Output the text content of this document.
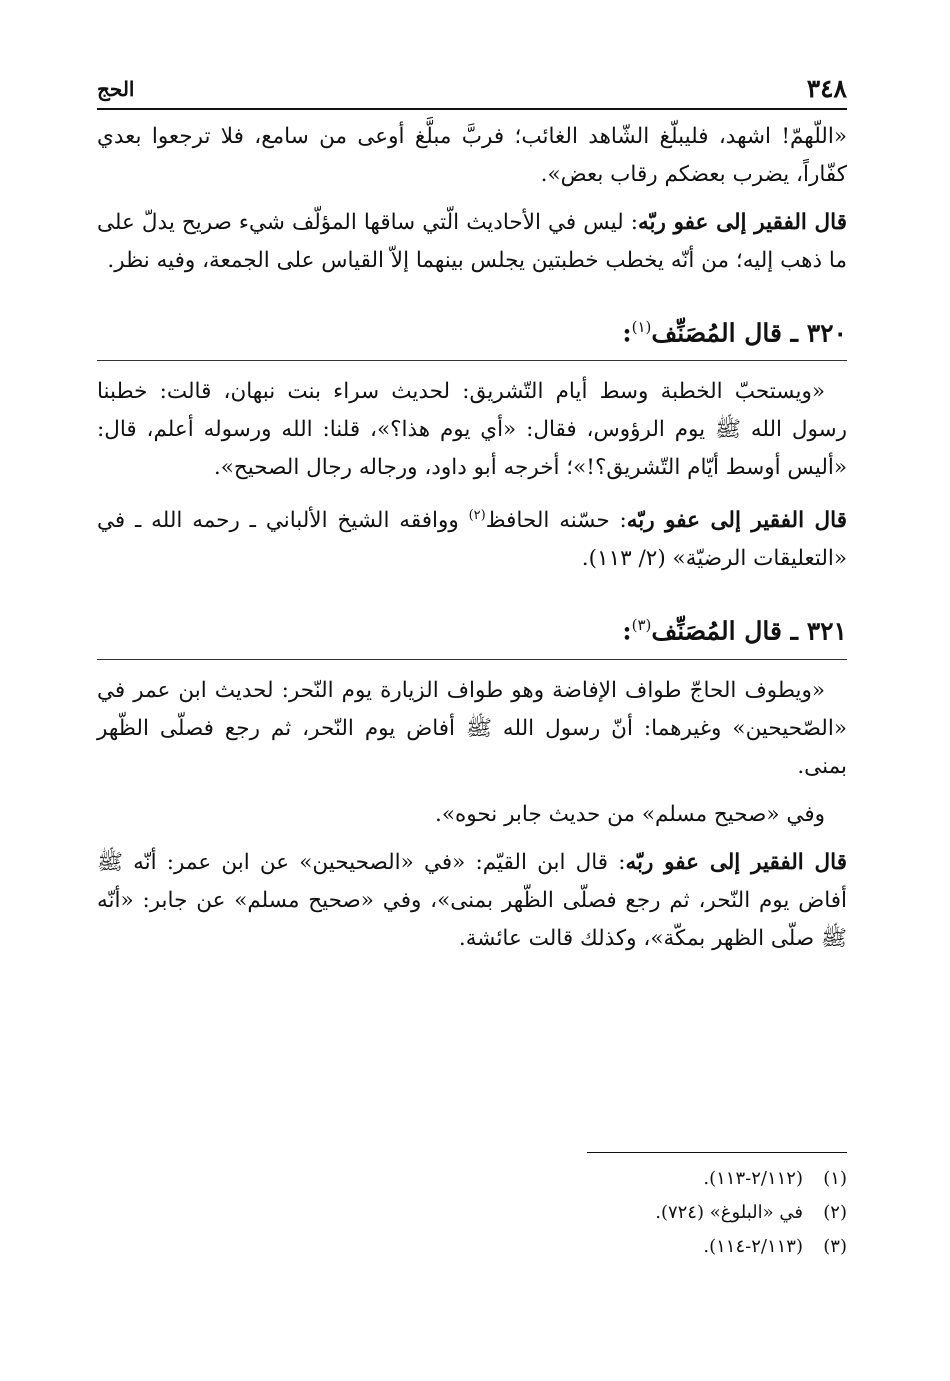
٣٤٨
الحج

«اللّهمّ! اشهد، فليبلّغ الشّاهد الغائب؛ فربَّ مبلَّغ أوعى من سامع، فلا ترجعوا بعدي كفّاراً، يضرب بعضكم رقاب بعض».

قال الفقير إلى عفو ربّه: ليس في الأحاديث الّتي ساقها المؤلّف شيء صريح يدلّ على ما ذهب إليه؛ من أنّه يخطب خطبتين يجلس بينهما إلاّ القياس على الجمعة، وفيه نظر.

٣٢٠ ـ قال المُصَنِّف$^{(١)}$:

«ويستحبّ الخطبة وسط أيام التّشريق: لحديث سراء بنت نبهان، قالت: خطبنا رسول الله ﷺ يوم الرؤوس، فقال: «أي يوم هذا؟»، قلنا: الله ورسوله أعلم، قال: «أليس أوسط أيّام التّشريق؟!»؛ أخرجه أبو داود، ورجاله رجال الصحيح».

قال الفقير إلى عفو ربّه: حسّنه الحافظ$^{(٢)}$ ووافقه الشيخ الألباني ـ رحمه الله ـ في «التعليقات الرضيّة» (٢/ ١١٣).

٣٢١ ـ قال المُصَنِّف$^{(٣)}$:

«ويطوف الحاجّ طواف الإفاضة وهو طواف الزيارة يوم النّحر: لحديث ابن عمر في «الصّحيحين» وغيرهما: أنّ رسول الله ﷺ أفاض يوم النّحر، ثم رجع فصلّى الظّهر بمنى.

وفي «صحيح مسلم» من حديث جابر نحوه».

قال الفقير إلى عفو ربّه: قال ابن القيّم: «في «الصحيحين» عن ابن عمر: أنّه ﷺ أفاض يوم النّحر، ثم رجع فصلّى الظّهر بمنى»، وفي «صحيح مسلم» عن جابر: «أنّه ﷺ صلّى الظهر بمكّة»، وكذلك قالت عائشة.

(١)
(٢/١١٢-١١٣).
(٢)
في «البلوغ» (٧٢٤).
(٣)
(٢/١١٣-١١٤).
